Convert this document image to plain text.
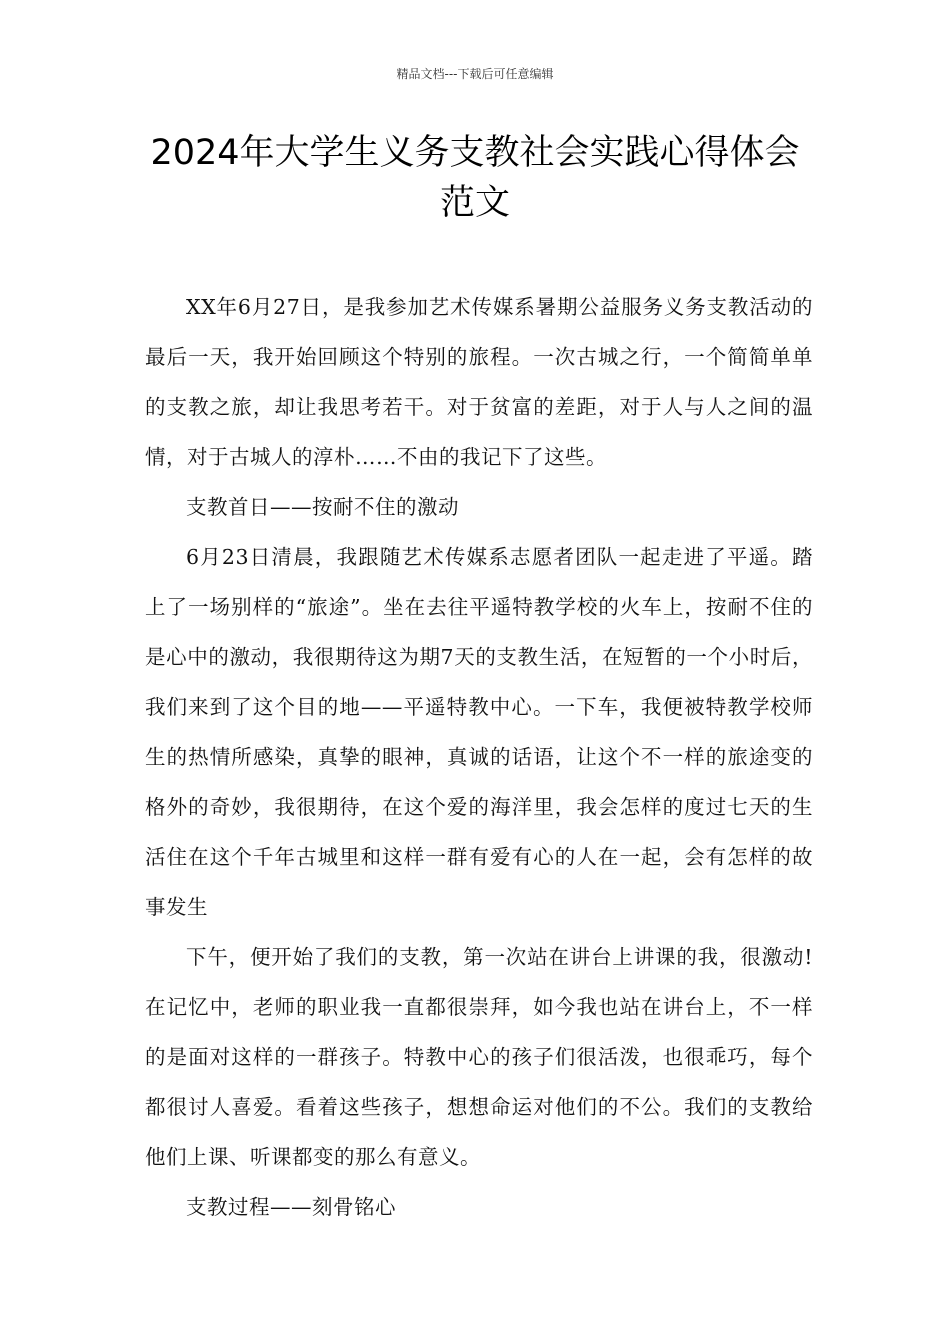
精品文档---下载后可任意编辑
2024年大学生义务支教社会实践心得体会范文

XX年6月27日，是我参加艺术传媒系暑期公益服务义务支教活动的最后一天，我开始回顾这个特别的旅程。一次古城之行，一个简简单单的支教之旅，却让我思考若干。对于贫富的差距，对于人与人之间的温情，对于古城人的淳朴……不由的我记下了这些。

支教首日——按耐不住的激动

6月23日清晨，我跟随艺术传媒系志愿者团队一起走进了平遥。踏上了一场别样的“旅途”。坐在去往平遥特教学校的火车上，按耐不住的是心中的激动，我很期待这为期7天的支教生活，在短暂的一个小时后，我们来到了这个目的地——平遥特教中心。一下车，我便被特教学校师生的热情所感染，真挚的眼神，真诚的话语，让这个不一样的旅途变的格外的奇妙，我很期待，在这个爱的海洋里，我会怎样的度过七天的生活住在这个千年古城里和这样一群有爱有心的人在一起，会有怎样的故事发生

下午，便开始了我们的支教，第一次站在讲台上讲课的我，很激动!在记忆中，老师的职业我一直都很崇拜，如今我也站在讲台上，不一样的是面对这样的一群孩子。特教中心的孩子们很活泼，也很乖巧，每个都很讨人喜爱。看着这些孩子，想想命运对他们的不公。我们的支教给他们上课、听课都变的那么有意义。

支教过程——刻骨铭心
